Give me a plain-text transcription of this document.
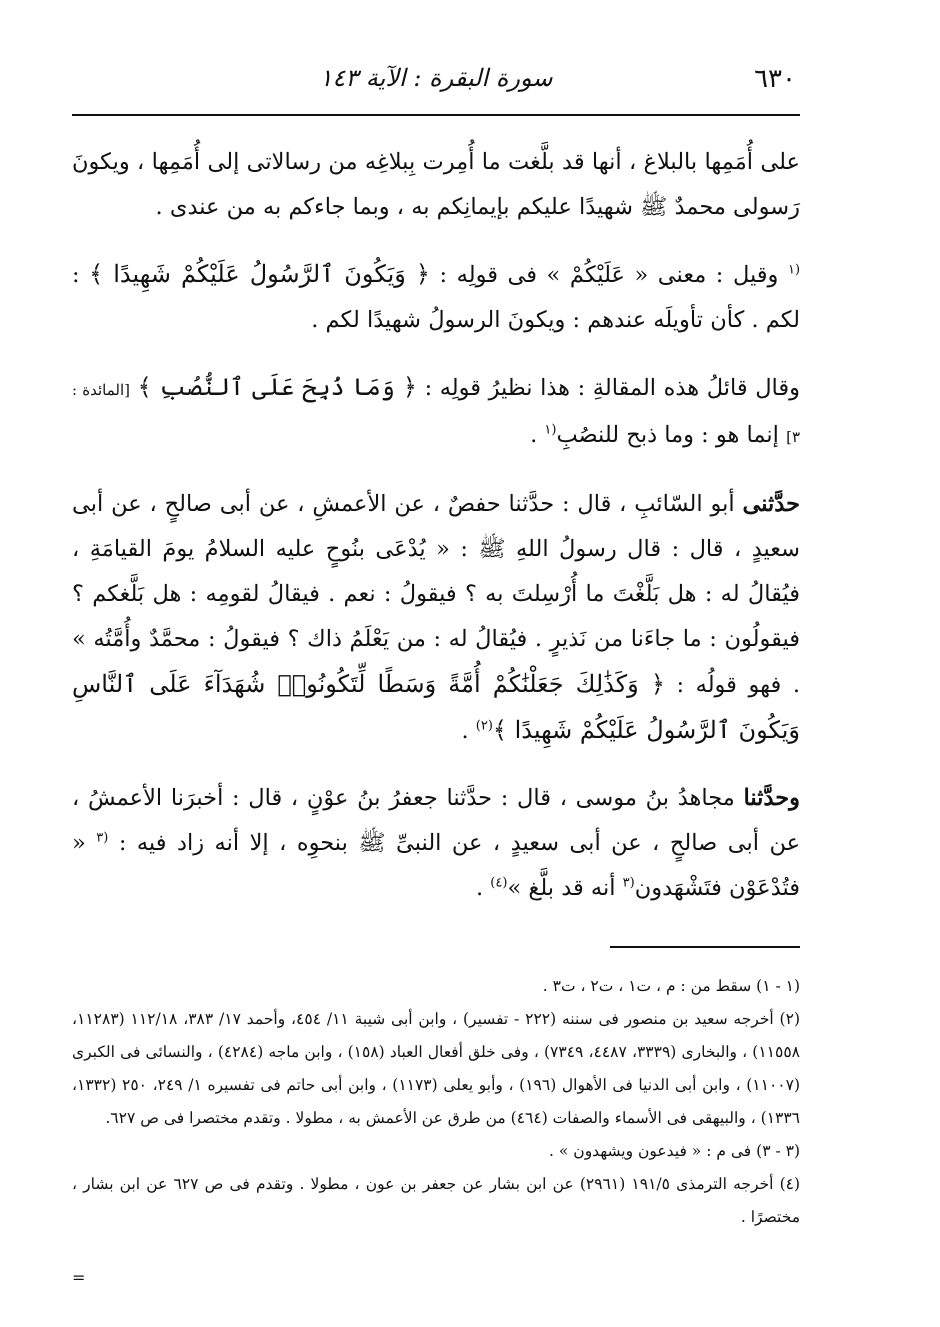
٦٣٠
سورة البقرة : الآية ١٤٣

على أُمَمِها بالبلاغ ، أنها قد بلَّغت ما أُمِرت بِبلاغِه من رسالاتى إلى أُمَمِها ، ويكونَ رَسولى محمدٌ ﷺ شهيدًا عليكم بإيمانِكم به ، وبما جاءكم به من عندى .

$^{(١}$ وقيل : معنى « عَلَيْكُمْ » فى قولِه : ﴿ وَيَكُونَ ٱلرَّسُولُ عَلَيْكُمْ شَهِيدًا ﴾ : لكم . كأن تأويلَه عندهم : ويكونَ الرسولُ شهيدًا لكم .

وقال قائلُ هذه المقالةِ : هذا نظيرُ قولِه : ﴿ وَمَا ذُبِحَ عَلَى ٱلنُّصُبِ ﴾ [المائدة : ٣] إنما هو : وما ذبح للنصُبِ$^{(١}$ .

حدَّثنى أبو السّائبِ ، قال : حدَّثنا حفصٌ ، عن الأعمشِ ، عن أبى صالحٍ ، عن أبى سعيدٍ ، قال : قال رسولُ اللهِ ﷺ : « يُدْعَى بنُوحٍ عليه السلامُ يومَ القيامَةِ ، فيُقالُ له : هل بَلَّغْتَ ما أُرْسِلتَ به ؟ فيقولُ : نعم . فيقالُ لقومِه : هل بَلَّغكم ؟ فيقولُون : ما جاءَنا من نَذيرٍ . فيُقالُ له : من يَعْلَمُ ذاك ؟ فيقولُ : محمَّدٌ وأُمَّتُه » . فهو قولُه : ﴿ وَكَذَٰلِكَ جَعَلْنَٰكُمْ أُمَّةً وَسَطًا لِّتَكُونُوا۟ شُهَدَآءَ عَلَى ٱلنَّاسِ وَيَكُونَ ٱلرَّسُولُ عَلَيْكُمْ شَهِيدًا ﴾$^{(٢)}$ .

وحدَّثنا مجاهدُ بنُ موسى ، قال : حدَّثنا جعفرُ بنُ عوْنٍ ، قال : أخبرَنا الأعمشُ ، عن أبى صالحٍ ، عن أبى سعيدٍ ، عن النبىِّ ﷺ بنحوِه ، إلا أنه زاد فيه : $^{(٣}$ « فتُدْعَوْن فتَشْهَدون$^{(٣}$ أنه قد بلَّغ »$^{(٤)}$ .

(١ - ١) سقط من : م ، ت١ ، ت٢ ، ت٣ .

(٢) أخرجه سعيد بن منصور فى سننه (٢٢٢ - تفسير) ، وابن أبى شيبة ١١/ ٤٥٤، وأحمد ١٧/ ٣٨٣، ١١٢/١٨ (١١٢٨٣، ١١٥٥٨) ، والبخارى (٣٣٣٩، ٤٤٨٧، ٧٣٤٩) ، وفى خلق أفعال العباد (١٥٨) ، وابن ماجه (٤٢٨٤) ، والنسائى فى الكبرى (١١٠٠٧) ، وابن أبى الدنيا فى الأهوال (١٩٦) ، وأبو يعلى (١١٧٣) ، وابن أبى حاتم فى تفسيره ١/ ٢٤٩، ٢٥٠ (١٣٣٢، ١٣٣٦) ، والبيهقى فى الأسماء والصفات (٤٦٤) من طرق عن الأعمش به ، مطولا . وتقدم مختصرا فى ص ٦٢٧.

(٣ - ٣) فى م : « فيدعون ويشهدون » .

(٤) أخرجه الترمذى ١٩١/٥ (٢٩٦١) عن ابن بشار عن جعفر بن عون ، مطولا . وتقدم فى ص ٦٢٧ عن ابن بشار ، مختصرًا .

=
